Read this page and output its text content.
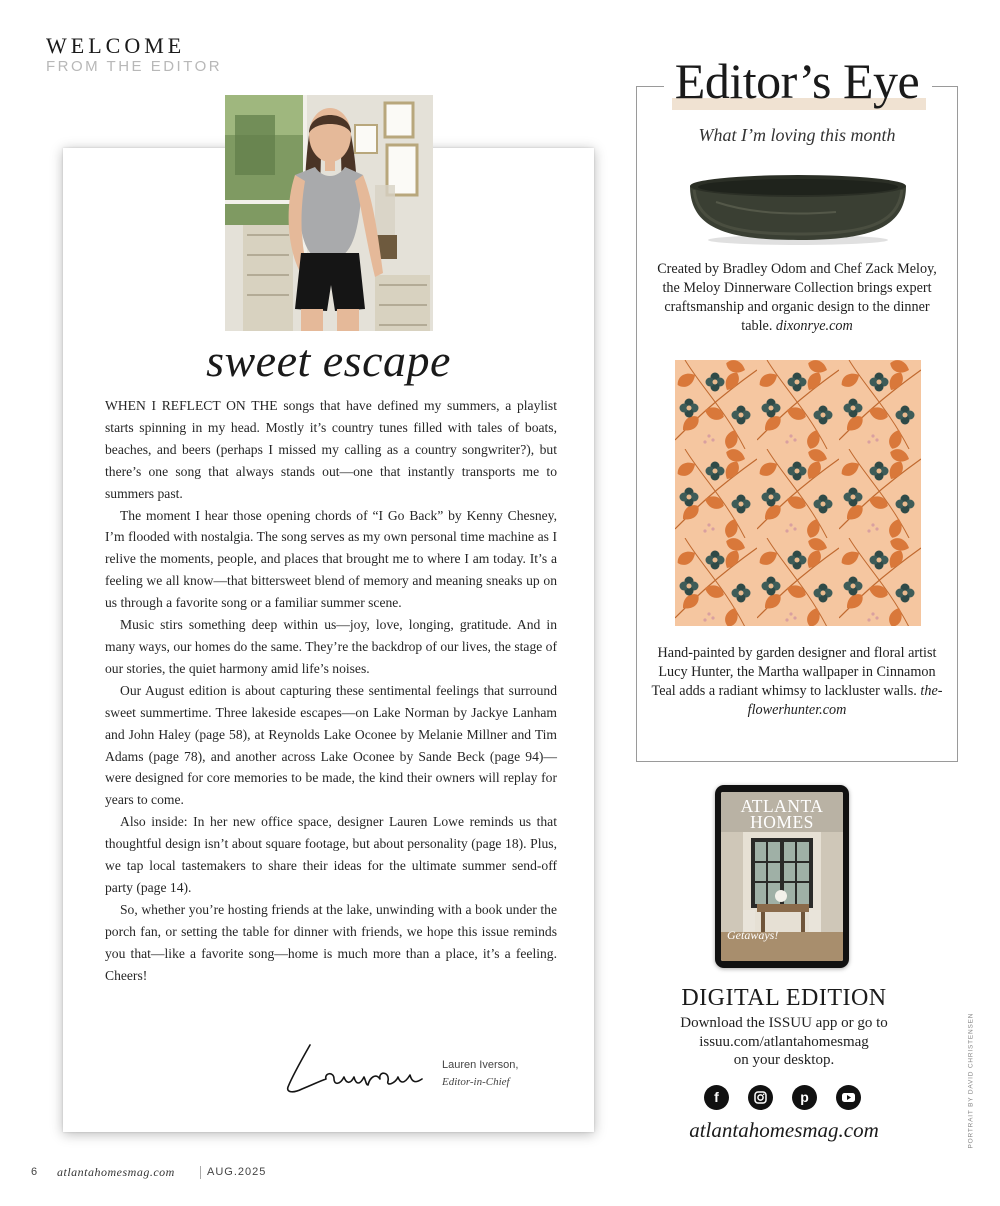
WELCOME
FROM THE EDITOR
sweet escape

WHEN I REFLECT ON THE songs that have defined my summers, a playlist starts spinning in my head. Mostly it’s country tunes filled with tales of boats, beaches, and beers (perhaps I missed my calling as a country songwriter?), but there’s one song that always stands out—one that instantly transports me to summers past.

The moment I hear those opening chords of “I Go Back” by Kenny Chesney, I’m flooded with nostalgia. The song serves as my own personal time machine as I relive the moments, people, and places that brought me to where I am today. It’s a feeling we all know—that bittersweet blend of memory and meaning sneaks up on us through a favorite song or a familiar summer scene.

Music stirs something deep within us—joy, love, longing, gratitude. And in many ways, our homes do the same. They’re the backdrop of our lives, the stage of our stories, the quiet harmony amid life’s noises.

Our August edition is about capturing these sentimental feelings that surround sweet summertime. Three lakeside escapes—on Lake Norman by Jackye Lanham and John Haley (page 58), at Reynolds Lake Oconee by Melanie Millner and Tim Adams (page 78), and another across Lake Oconee by Sande Beck (page 94)—were designed for core memories to be made, the kind their owners will replay for years to come.

Also inside: In her new office space, designer Lauren Lowe reminds us that thoughtful design isn’t about square footage, but about personality (page 18). Plus, we tap local tastemakers to share their ideas for the ultimate summer send-off party (page 14).

So, whether you’re hosting friends at the lake, unwinding with a book under the porch fan, or setting the table for dinner with friends, we hope this issue reminds you that—like a favorite song—home is much more than a place, it’s a feeling. Cheers!

Lauren Iverson,
Editor-in-Chief
6 atlantahomesmag.com	AUG.2025
Editor’s Eye
What I’m loving this month
Created by Bradley Odom and Chef Zack Meloy, the Meloy Dinnerware Collection brings expert craftsmanship and organic design to the dinner table. dixonrye.com
Hand-painted by garden designer and floral artist Lucy Hunter, the Martha wallpaper in Cinnamon Teal adds a radiant whimsy to lackluster walls. the-flowerhunter.com
ATLANTA HOMES
Getaways!
DIGITAL EDITION
Download the ISSUU app or go to
issuu.com/atlantahomesmag
on your desktop.
f	p
atlantahomesmag.com	PORTRAIT BY DAVID CHRISTENSEN
